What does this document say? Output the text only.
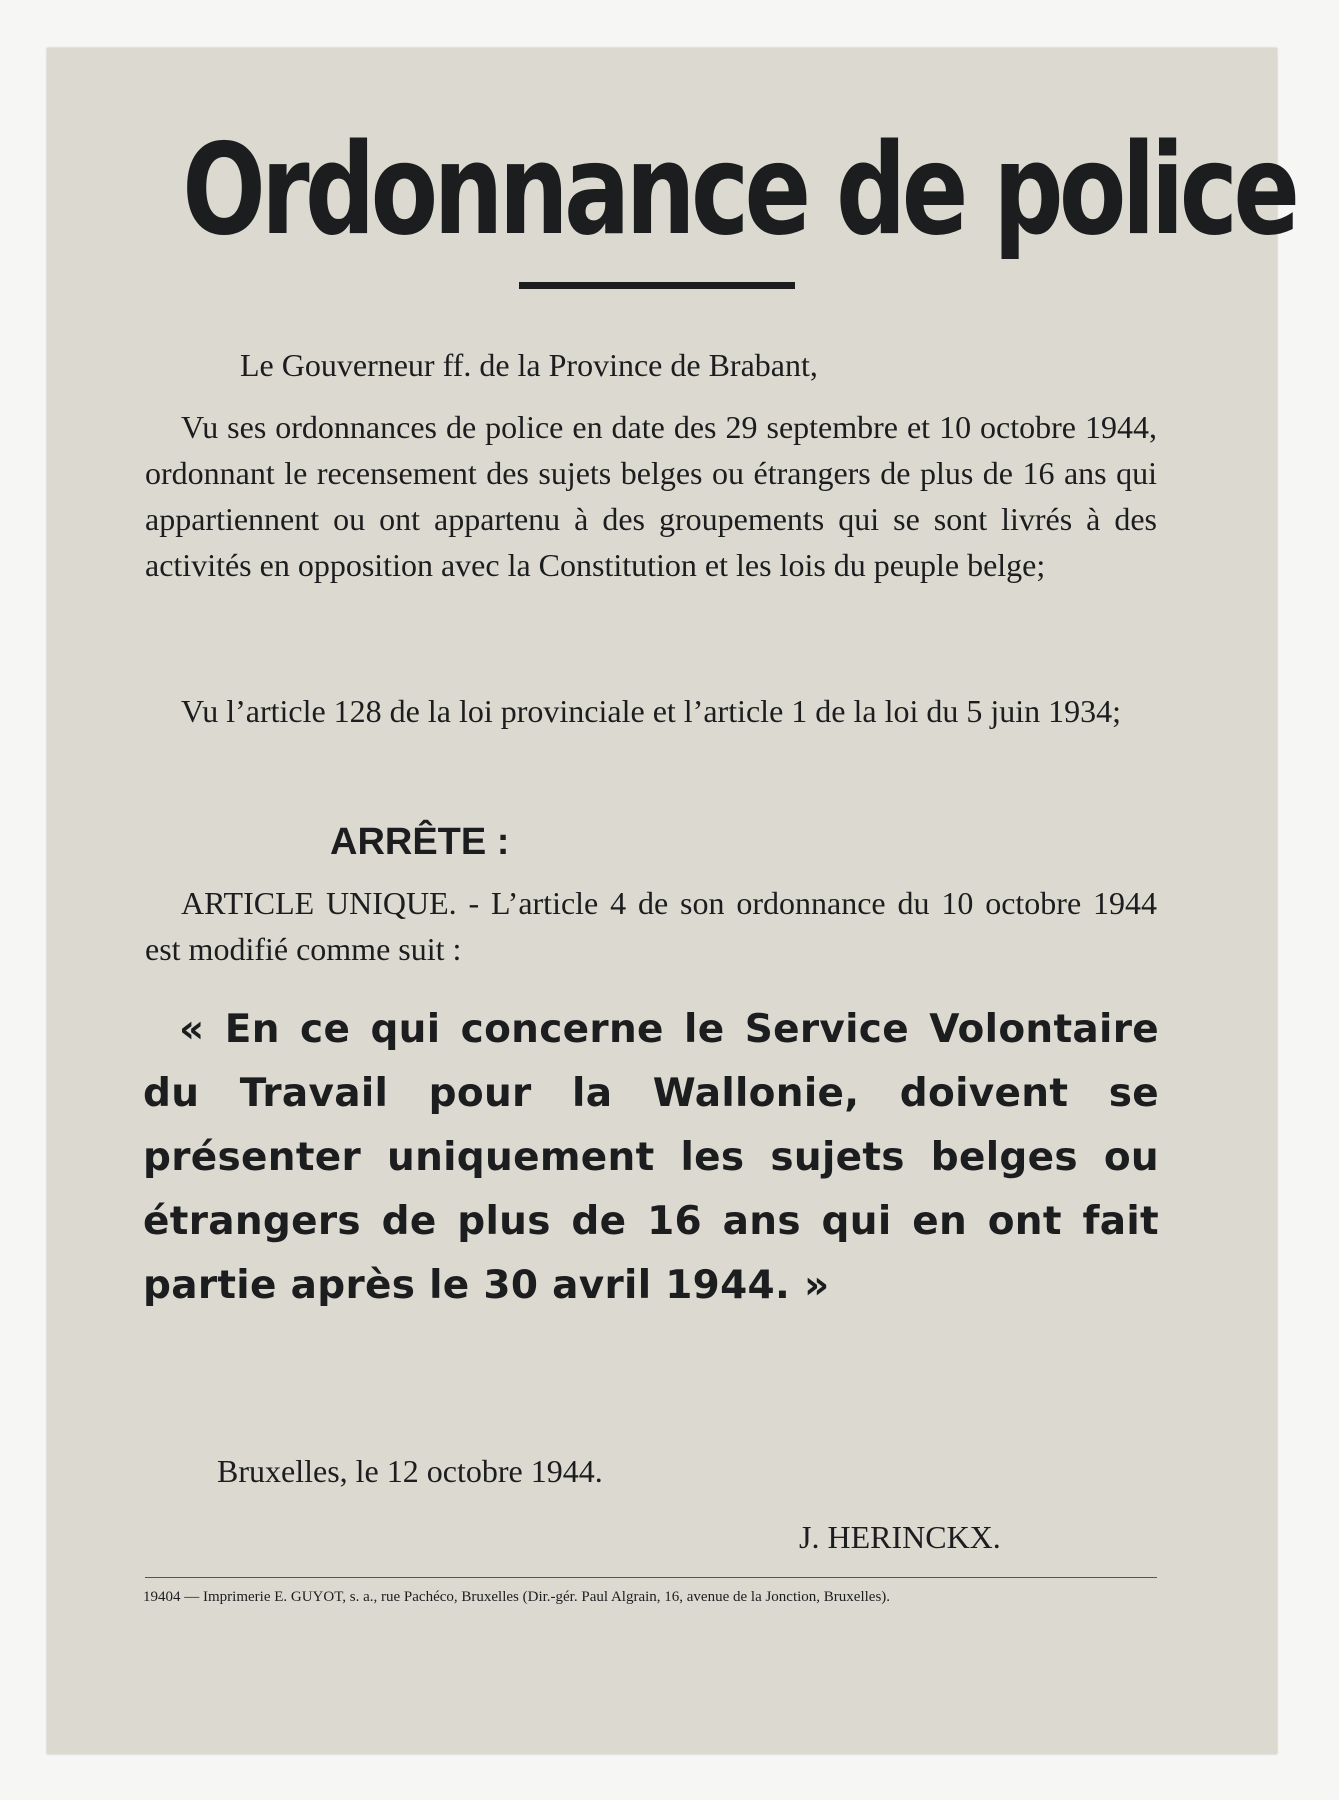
Ordonnance de police
Le Gouverneur ff. de la Province de Brabant,
Vu ses ordonnances de police en date des 29 septembre et 10 octobre 1944, ordonnant le recensement des sujets belges ou étrangers de plus de 16 ans qui appartiennent ou ont appartenu à des groupements qui se sont livrés à des activités en opposition avec la Constitution et les lois du peuple belge;
Vu l’article 128 de la loi provinciale et l’article 1 de la loi du 5 juin 1934;
ARRÊTE :
ARTICLE UNIQUE. - L’article 4 de son ordonnance du 10 octobre 1944 est modifié comme suit :
« En ce qui concerne le Service Volontaire du Travail pour la Wallonie, doivent se présenter uniquement les sujets belges ou étrangers de plus de 16 ans qui en ont fait partie après le 30 avril 1944. »
Bruxelles, le 12 octobre 1944.
J. HERINCKX.
19404 — Imprimerie E. GUYOT, s. a., rue Pachéco, Bruxelles (Dir.-gér. Paul Algrain, 16, avenue de la Jonction, Bruxelles).
